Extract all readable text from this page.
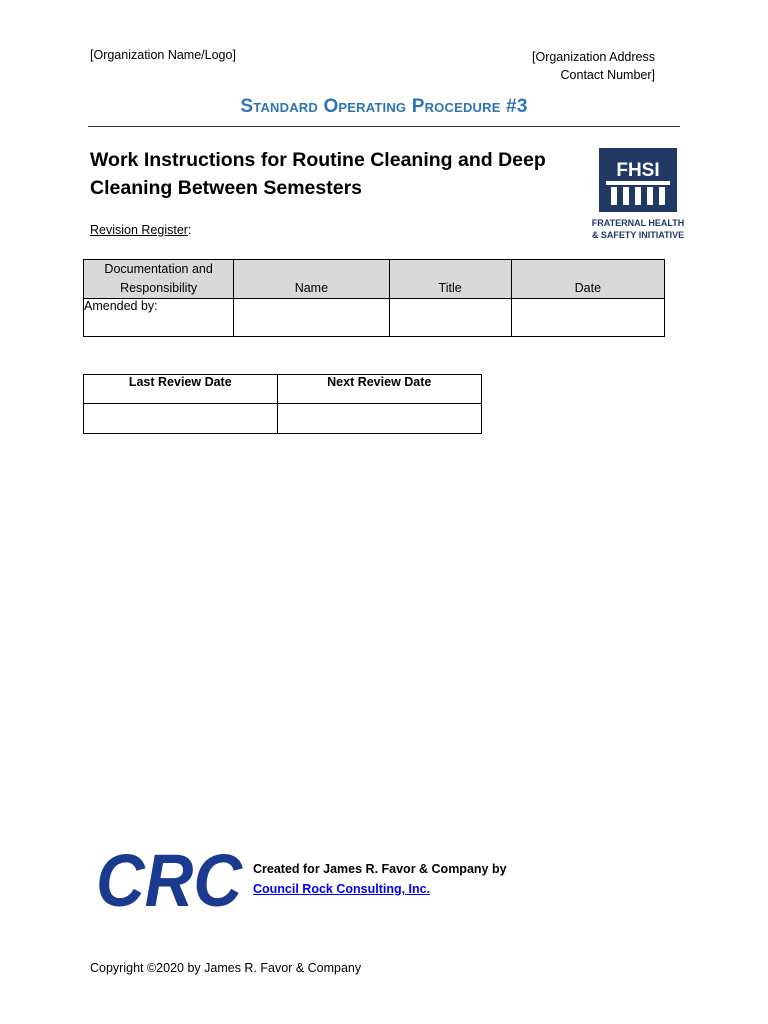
[Organization Name/Logo]	[Organization Address
Contact Number]
Standard Operating Procedure #3
Work Instructions for Routine Cleaning and Deep Cleaning Between Semesters
FHSI
FRATERNAL HEALTH
& SAFETY INITIATIVE
Revision Register:
Documentation and Responsibility	Name	Title	Date
Amended by:			
Last Review Date	Next Review Date

CRC Created for James R. Favor & Company by
Council Rock Consulting, Inc.
Copyright ©2020 by James R. Favor & Company
